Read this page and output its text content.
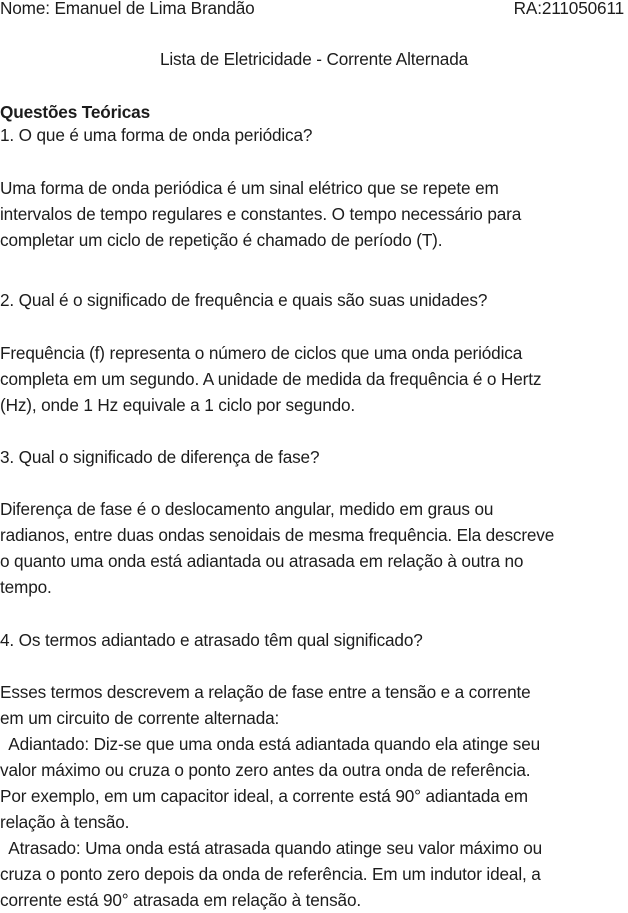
Nome: Emanuel de Lima Brandão	RA:211050611
Lista de Eletricidade - Corrente Alternada
Questões Teóricas
1. O que é uma forma de onda periódica?
Uma forma de onda periódica é um sinal elétrico que se repete em
intervalos de tempo regulares e constantes. O tempo necessário para
completar um ciclo de repetição é chamado de período (T).
2. Qual é o significado de frequência e quais são suas unidades?
Frequência (f) representa o número de ciclos que uma onda periódica
completa em um segundo. A unidade de medida da frequência é o Hertz
(Hz), onde 1 Hz equivale a 1 ciclo por segundo.
3. Qual o significado de diferença de fase?
Diferença de fase é o deslocamento angular, medido em graus ou
radianos, entre duas ondas senoidais de mesma frequência. Ela descreve
o quanto uma onda está adiantada ou atrasada em relação à outra no
tempo.
4. Os termos adiantado e atrasado têm qual significado?
Esses termos descrevem a relação de fase entre a tensão e a corrente
em um circuito de corrente alternada:
Adiantado: Diz-se que uma onda está adiantada quando ela atinge seu
valor máximo ou cruza o ponto zero antes da outra onda de referência.
Por exemplo, em um capacitor ideal, a corrente está 90° adiantada em
relação à tensão.
Atrasado: Uma onda está atrasada quando atinge seu valor máximo ou
cruza o ponto zero depois da onda de referência. Em um indutor ideal, a
corrente está 90° atrasada em relação à tensão.
